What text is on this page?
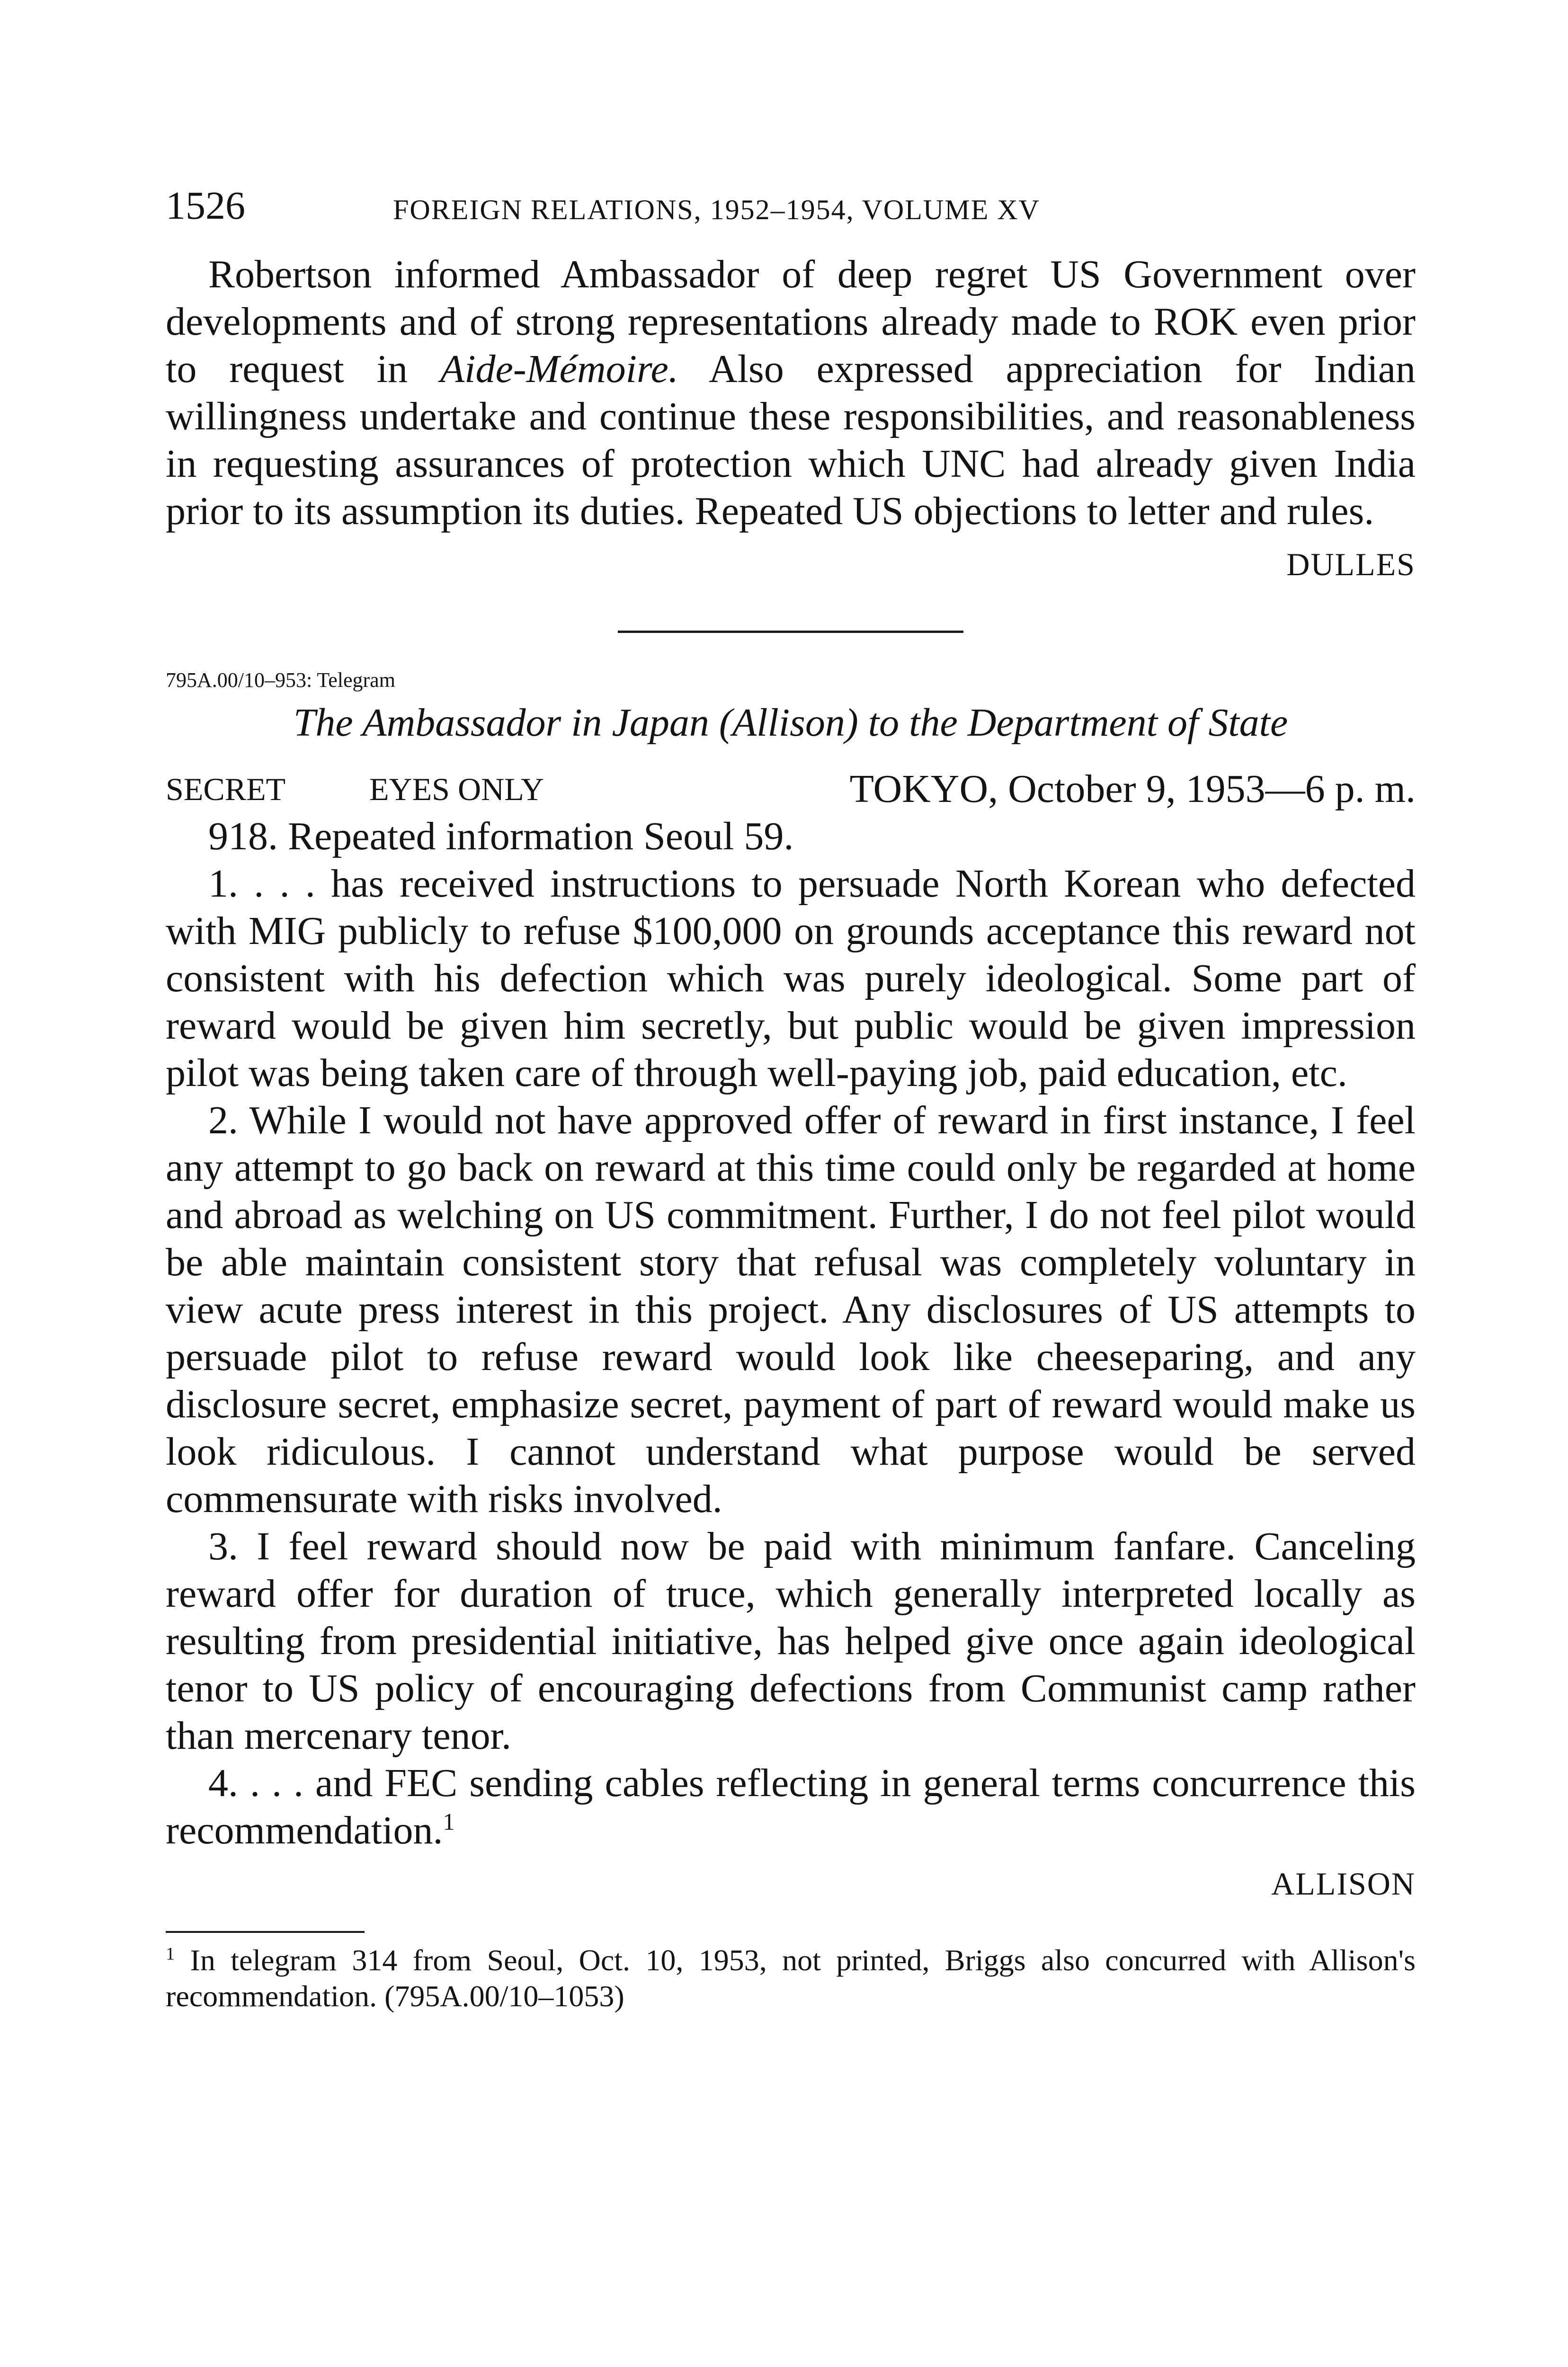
1526	FOREIGN RELATIONS, 1952–1954, VOLUME XV

Robertson informed Ambassador of deep regret US Government over developments and of strong representations already made to ROK even prior to request in Aide-Mémoire. Also expressed appreciation for Indian willingness undertake and continue these responsibilities, and reasonableness in requesting assurances of protection which UNC had already given India prior to its assumption its duties. Repeated US objections to letter and rules.

DULLES
795A.00/10–953: Telegram
The Ambassador in Japan (Allison) to the Department of State
SECRET	EYES ONLY	TOKYO, October 9, 1953—6 p. m.

918. Repeated information Seoul 59.

1. . . . has received instructions to persuade North Korean who defected with MIG publicly to refuse $100,000 on grounds acceptance this reward not consistent with his defection which was purely ideological. Some part of reward would be given him secretly, but public would be given impression pilot was being taken care of through well-paying job, paid education, etc.

2. While I would not have approved offer of reward in first instance, I feel any attempt to go back on reward at this time could only be regarded at home and abroad as welching on US commitment. Further, I do not feel pilot would be able maintain consistent story that refusal was completely voluntary in view acute press interest in this project. Any disclosures of US attempts to persuade pilot to refuse reward would look like cheeseparing, and any disclosure secret, emphasize secret, payment of part of reward would make us look ridiculous. I cannot understand what purpose would be served commensurate with risks involved.

3. I feel reward should now be paid with minimum fanfare. Canceling reward offer for duration of truce, which generally interpreted locally as resulting from presidential initiative, has helped give once again ideological tenor to US policy of encouraging defections from Communist camp rather than mercenary tenor.

4. . . . and FEC sending cables reflecting in general terms concurrence this recommendation.$^1$

ALLISON

$^1$ In telegram 314 from Seoul, Oct. 10, 1953, not printed, Briggs also concurred with Allison's recommendation. (795A.00/10–1053)
